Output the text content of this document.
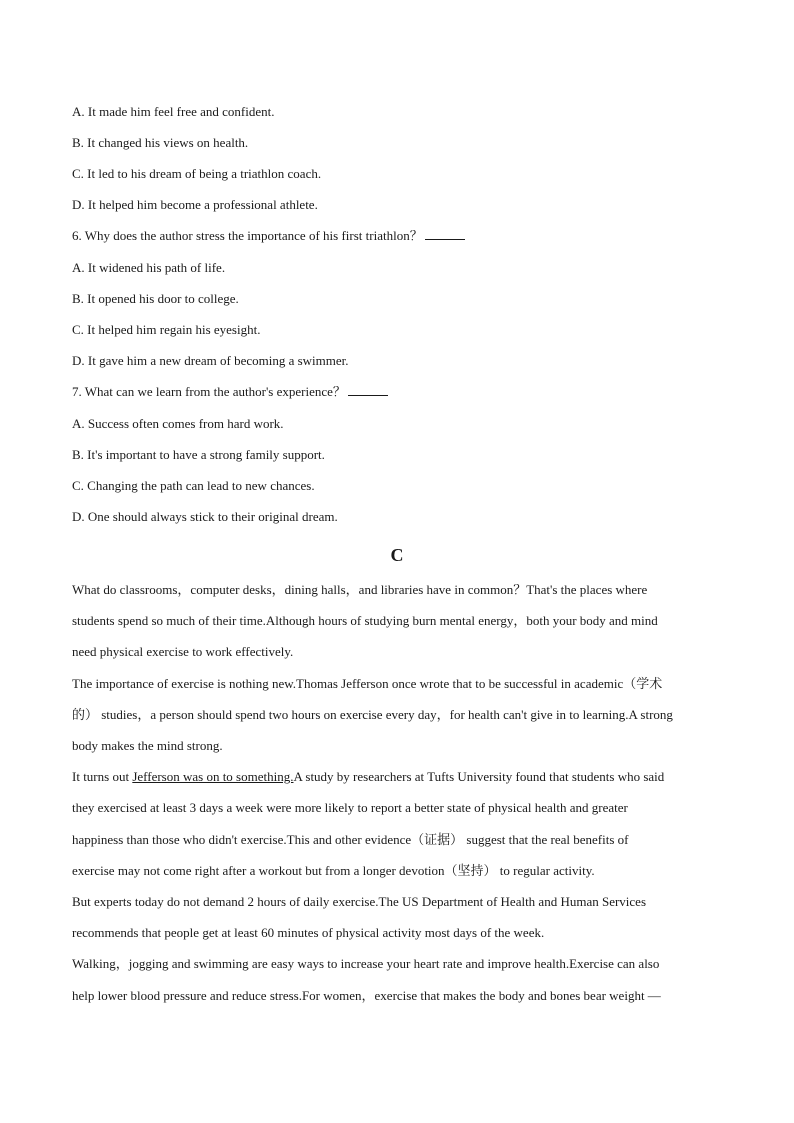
A. It made him feel free and confident.
B. It changed his views on health.
C. It led to his dream of being a triathlon coach.
D. It helped him become a professional athlete.
6. Why does the author stress the importance of his first triathlon？
A. It widened his path of life.
B. It opened his door to college.
C. It helped him regain his eyesight.
D. It gave him a new dream of becoming a swimmer.
7. What can we learn from the author's experience？
A. Success often comes from hard work.
B. It's important to have a strong family support.
C. Changing the path can lead to new chances.
D. One should always stick to their original dream.
C
What do classrooms，computer desks，dining halls，and libraries have in common？That's the places where
students spend so much of their time.Although hours of studying burn mental energy，both your body and mind
need physical exercise to work effectively.
The importance of exercise is nothing new.Thomas Jefferson once wrote that to be successful in academic（学术
的） studies，a person should spend two hours on exercise every day，for health can't give in to learning.A strong
body makes the mind strong.
It turns out Jefferson was on to something.A study by researchers at Tufts University found that students who said
they exercised at least 3 days a week were more likely to report a better state of physical health and greater
happiness than those who didn't exercise.This and other evidence（证据） suggest that the real benefits of
exercise may not come right after a workout but from a longer devotion（坚持） to regular activity.
But experts today do not demand 2 hours of daily exercise.The US Department of Health and Human Services
recommends that people get at least 60 minutes of physical activity most days of the week.
Walking，jogging and swimming are easy ways to increase your heart rate and improve health.Exercise can also
help lower blood pressure and reduce stress.For women，exercise that makes the body and bones bear weight —
